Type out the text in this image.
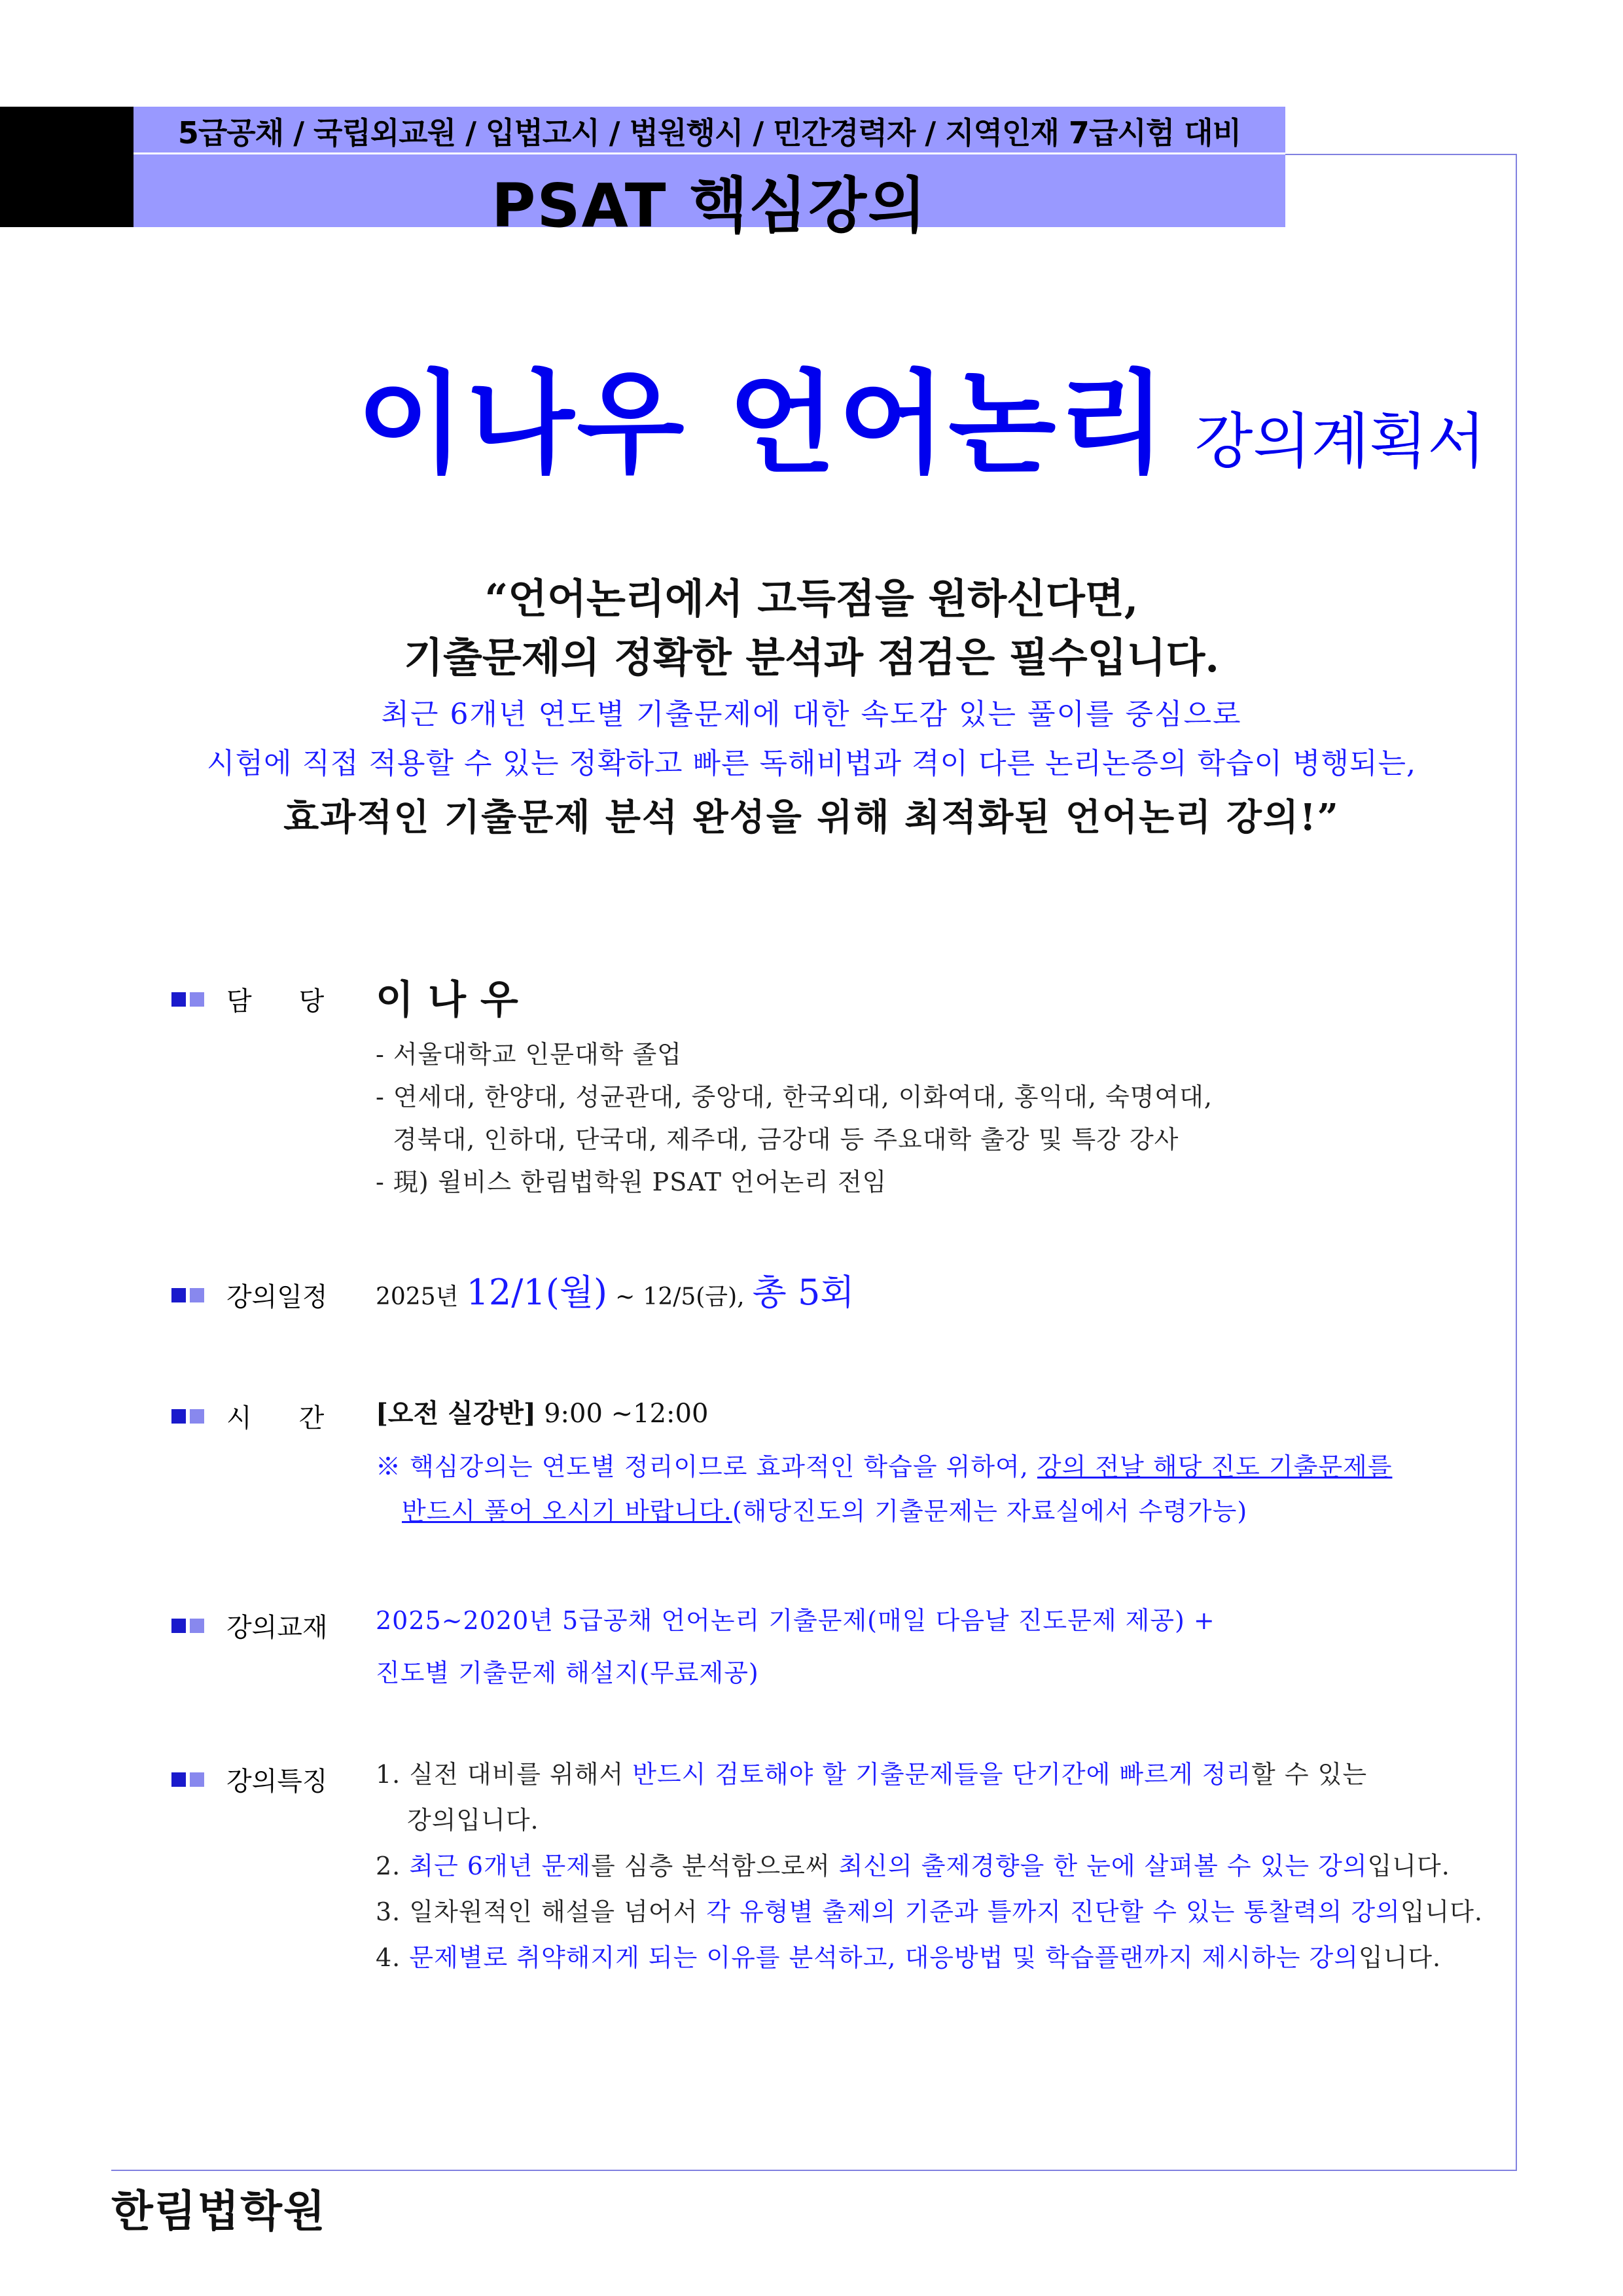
5급공채 / 국립외교원 / 입법고시 / 법원행시 / 민간경력자 / 지역인재 7급시험 대비
PSAT 핵심강의
이나우 언어논리 강의계획서
“언어논리에서 고득점을 원하신다면,
기출문제의 정확한 분석과 점검은 필수입니다.
최근 6개년 연도별 기출문제에 대한 속도감 있는 풀이를 중심으로
시험에 직접 적용할 수 있는 정확하고 빠른 독해비법과 격이 다른 논리논증의 학습이 병행되는,
효과적인 기출문제 분석 완성을 위해 최적화된 언어논리 강의!”
담당 이나우
- 서울대학교 인문대학 졸업
- 연세대, 한양대, 성균관대, 중앙대, 한국외대, 이화여대, 홍익대, 숙명여대,
경북대, 인하대, 단국대, 제주대, 금강대 등 주요대학 출강 및 특강 강사
- 現) 윌비스 한림법학원 PSAT 언어논리 전임
강의일정 2025년 12/1(월) ~ 12/5(금), 총 5회
시간 [오전 실강반] 9:00 ~12:00
※ 핵심강의는 연도별 정리이므로 효과적인 학습을 위하여, 강의 전날 해당 진도 기출문제를
반드시 풀어 오시기 바랍니다.(해당진도의 기출문제는 자료실에서 수령가능)
강의교재 2025~2020년 5급공채 언어논리 기출문제(매일 다음날 진도문제 제공) +
진도별 기출문제 해설지(무료제공)
강의특징 1. 실전 대비를 위해서 반드시 검토해야 할 기출문제들을 단기간에 빠르게 정리할 수 있는
강의입니다.
2. 최근 6개년 문제를 심층 분석함으로써 최신의 출제경향을 한 눈에 살펴볼 수 있는 강의입니다.
3. 일차원적인 해설을 넘어서 각 유형별 출제의 기준과 틀까지 진단할 수 있는 통찰력의 강의입니다.
4. 문제별로 취약해지게 되는 이유를 분석하고, 대응방법 및 학습플랜까지 제시하는 강의입니다.
한림법학원
